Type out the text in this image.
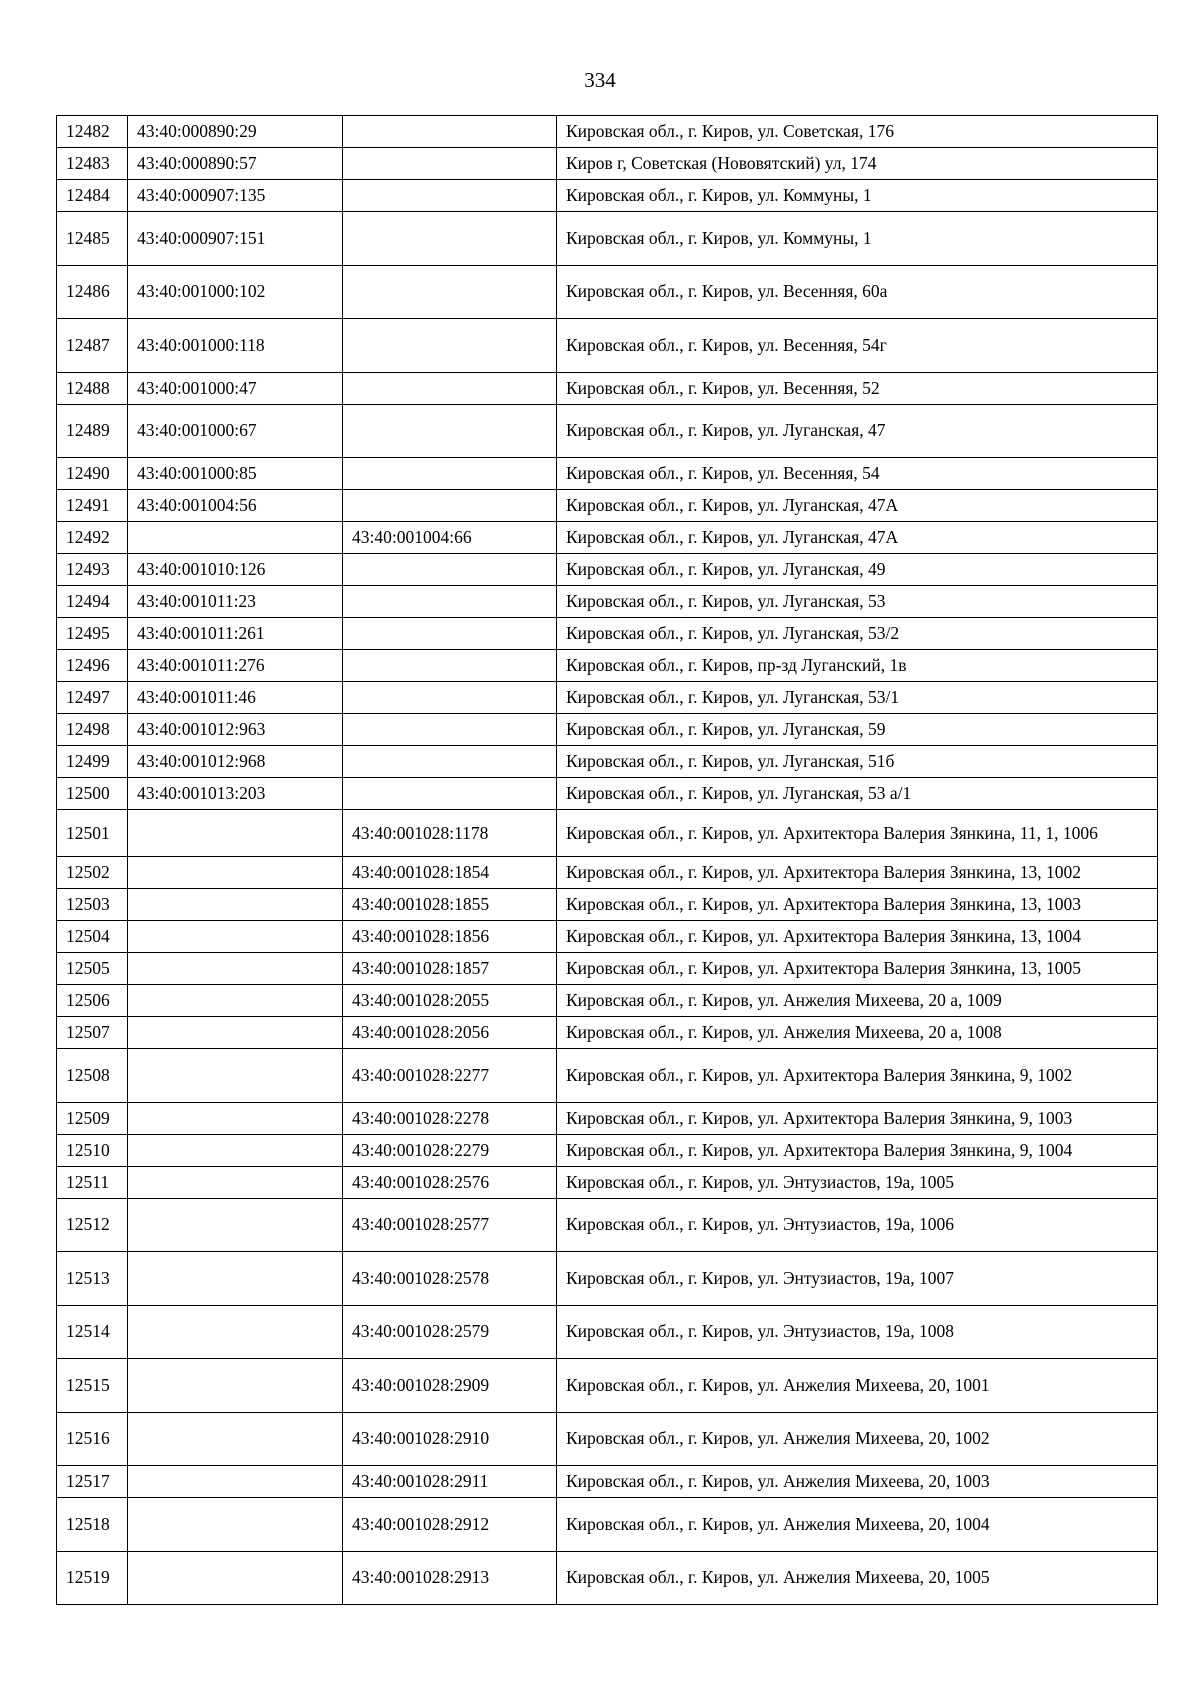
334
12482	43:40:000890:29		Кировская обл., г. Киров, ул. Советская, 176
12483	43:40:000890:57		Киров г, Советская (Нововятский) ул, 174
12484	43:40:000907:135		Кировская обл., г. Киров, ул. Коммуны, 1
12485	43:40:000907:151		Кировская обл., г. Киров, ул. Коммуны, 1
12486	43:40:001000:102		Кировская обл., г. Киров, ул. Весенняя, 60а
12487	43:40:001000:118		Кировская обл., г. Киров, ул. Весенняя, 54г
12488	43:40:001000:47		Кировская обл., г. Киров, ул. Весенняя, 52
12489	43:40:001000:67		Кировская обл., г. Киров, ул. Луганская, 47
12490	43:40:001000:85		Кировская обл., г. Киров, ул. Весенняя, 54
12491	43:40:001004:56		Кировская обл., г. Киров, ул. Луганская, 47А
12492		43:40:001004:66	Кировская обл., г. Киров, ул. Луганская, 47А
12493	43:40:001010:126		Кировская обл., г. Киров, ул. Луганская, 49
12494	43:40:001011:23		Кировская обл., г. Киров, ул. Луганская, 53
12495	43:40:001011:261		Кировская обл., г. Киров, ул. Луганская, 53/2
12496	43:40:001011:276		Кировская обл., г. Киров, пр-зд Луганский, 1в
12497	43:40:001011:46		Кировская обл., г. Киров, ул. Луганская, 53/1
12498	43:40:001012:963		Кировская обл., г. Киров, ул. Луганская, 59
12499	43:40:001012:968		Кировская обл., г. Киров, ул. Луганская, 51б
12500	43:40:001013:203		Кировская обл., г. Киров, ул. Луганская, 53 а/1
12501		43:40:001028:1178	Кировская обл., г. Киров, ул. Архитектора Валерия Зянкина, 11, 1, 1006
12502		43:40:001028:1854	Кировская обл., г. Киров, ул. Архитектора Валерия Зянкина, 13, 1002
12503		43:40:001028:1855	Кировская обл., г. Киров, ул. Архитектора Валерия Зянкина, 13, 1003
12504		43:40:001028:1856	Кировская обл., г. Киров, ул. Архитектора Валерия Зянкина, 13, 1004
12505		43:40:001028:1857	Кировская обл., г. Киров, ул. Архитектора Валерия Зянкина, 13, 1005
12506		43:40:001028:2055	Кировская обл., г. Киров, ул. Анжелия Михеева, 20 а, 1009
12507		43:40:001028:2056	Кировская обл., г. Киров, ул. Анжелия Михеева, 20 а, 1008
12508		43:40:001028:2277	Кировская обл., г. Киров, ул. Архитектора Валерия Зянкина, 9, 1002
12509		43:40:001028:2278	Кировская обл., г. Киров, ул. Архитектора Валерия Зянкина, 9, 1003
12510		43:40:001028:2279	Кировская обл., г. Киров, ул. Архитектора Валерия Зянкина, 9, 1004
12511		43:40:001028:2576	Кировская обл., г. Киров, ул. Энтузиастов, 19а, 1005
12512		43:40:001028:2577	Кировская обл., г. Киров, ул. Энтузиастов, 19а, 1006
12513		43:40:001028:2578	Кировская обл., г. Киров, ул. Энтузиастов, 19а, 1007
12514		43:40:001028:2579	Кировская обл., г. Киров, ул. Энтузиастов, 19а, 1008
12515		43:40:001028:2909	Кировская обл., г. Киров, ул. Анжелия Михеева, 20, 1001
12516		43:40:001028:2910	Кировская обл., г. Киров, ул. Анжелия Михеева, 20, 1002
12517		43:40:001028:2911	Кировская обл., г. Киров, ул. Анжелия Михеева, 20, 1003
12518		43:40:001028:2912	Кировская обл., г. Киров, ул. Анжелия Михеева, 20, 1004
12519		43:40:001028:2913	Кировская обл., г. Киров, ул. Анжелия Михеева, 20, 1005
